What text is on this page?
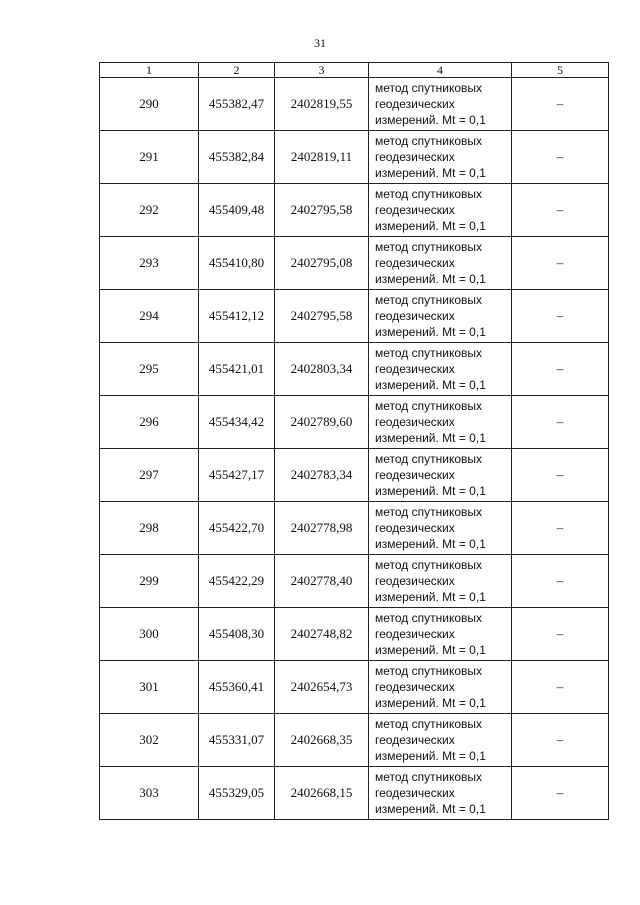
31
1	2	3	4	5
290	455382,47	2402819,55	метод спутниковых
геодезических
измерений. Mt = 0,1	–
291	455382,84	2402819,11	метод спутниковых
геодезических
измерений. Mt = 0,1	–
292	455409,48	2402795,58	метод спутниковых
геодезических
измерений. Mt = 0,1	–
293	455410,80	2402795,08	метод спутниковых
геодезических
измерений. Mt = 0,1	–
294	455412,12	2402795,58	метод спутниковых
геодезических
измерений. Mt = 0,1	–
295	455421,01	2402803,34	метод спутниковых
геодезических
измерений. Mt = 0,1	–
296	455434,42	2402789,60	метод спутниковых
геодезических
измерений. Mt = 0,1	–
297	455427,17	2402783,34	метод спутниковых
геодезических
измерений. Mt = 0,1	–
298	455422,70	2402778,98	метод спутниковых
геодезических
измерений. Mt = 0,1	–
299	455422,29	2402778,40	метод спутниковых
геодезических
измерений. Mt = 0,1	–
300	455408,30	2402748,82	метод спутниковых
геодезических
измерений. Mt = 0,1	–
301	455360,41	2402654,73	метод спутниковых
геодезических
измерений. Mt = 0,1	–
302	455331,07	2402668,35	метод спутниковых
геодезических
измерений. Mt = 0,1	–
303	455329,05	2402668,15	метод спутниковых
геодезических
измерений. Mt = 0,1	–
